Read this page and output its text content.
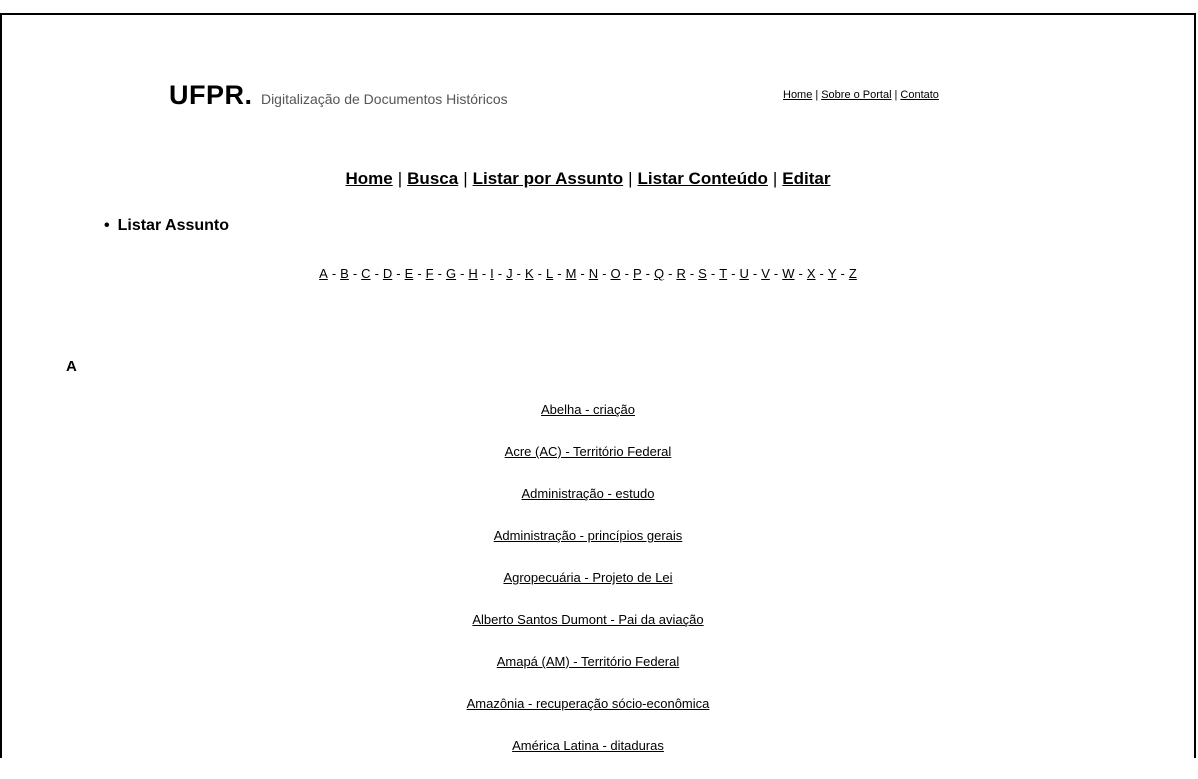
UFPR. Digitalização de Documentos Históricos	Home | Sobre o Portal | Contato
Home | Busca | Listar por Assunto | Listar Conteúdo | Editar
• Listar Assunto
A - B - C - D - E - F - G - H - I - J - K - L - M - N - O - P - Q - R - S - T - U - V - W - X - Y - Z
A
Abelha - criação
Acre (AC) - Território Federal
Administração - estudo
Administração - princípios gerais
Agropecuária - Projeto de Lei
Alberto Santos Dumont - Pai da aviação
Amapá (AM) - Território Federal
Amazônia - recuperação sócio-econômica
América Latina - ditaduras
